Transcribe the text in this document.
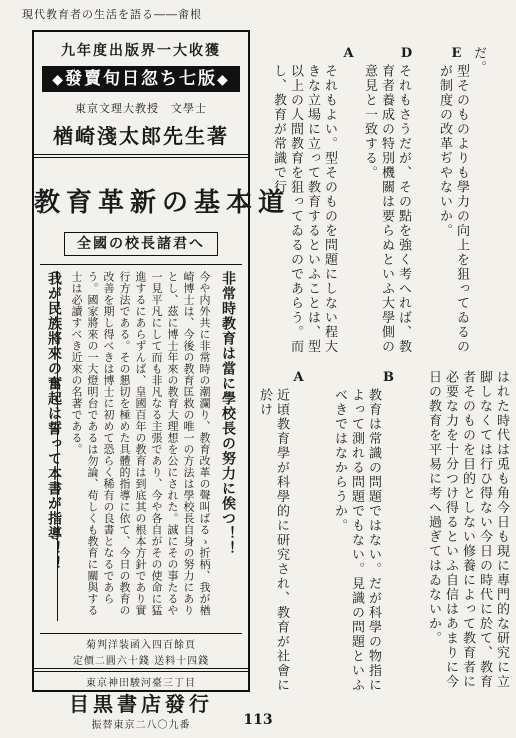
現代教育者の生活を語る――畬根
九年度出版界一大收獲
◆發賣旬日忽ち七版◆
東京文理大教授　文學士
楢崎淺太郎先生著
教育革新の基本道
全國の校長諸君へ
非常時教育は當に學校長の努力に俟つ！！
今や内外共に非常時の潮瀾り、教育改革の聲叫ばるゝ折柄、我が楢崎博士は、今後の教育匡救の唯一の方法は學校長自身の努力にありとし、茲に博士年來の教育大理想を公にされた。誠にその事たるや一見平凡にして而も非凡なる主張であり、今や各自がその使命に猛進するにあらずんば、皇國百年の教育は到底其の根本方針であり實行方法である。その懇切を極めた具體的指導に依て、今日の教育の改善を期し得べきは博士に初めて恐らく稀有の良書となるであらう。國家將來の一大燈明台であるは勿論、苟しくも教育に關與する士は必讀すべき近來の名著である。
我が民族將來の奮起は誓って本書が指導！！
菊判洋装函入四百餘頁
定價二圓六十錢 送料十四錢
東京神田駿河臺三丁目
目黒書店發行
振替東京二八〇九番
E だ。
型そのものよりも學力の向上を狙ってゐるのが制度の改革ぢやないか。
D
それもさうだが、その點を強く考へれば、教育者養成の特別機關は要らぬといふ大學側の意見と一致する。
A
それもよい。型そのものを問題にしない程大きな立場に立って教育するといふことは、型以上の人間教育を狙ってゐるのであらう。而し、教育が常識で行
はれた時代は兎も角今日も現に專門的な研究に立脚しなくては行ひ得ない今日の時代に於て、教育者そのものを目的としない修養によって教育者に必要な力を十分つけ得るといふ自信はあまりに今日の教育を平易に考へ過ぎてはゐないか。
B
教育は常識の問題ではない。だが科學の物指によって測れる問題でもない。見識の問題といふべきではなからうか。
A
近頃教育學が科學的に研究され、教育が社會に於け
113
